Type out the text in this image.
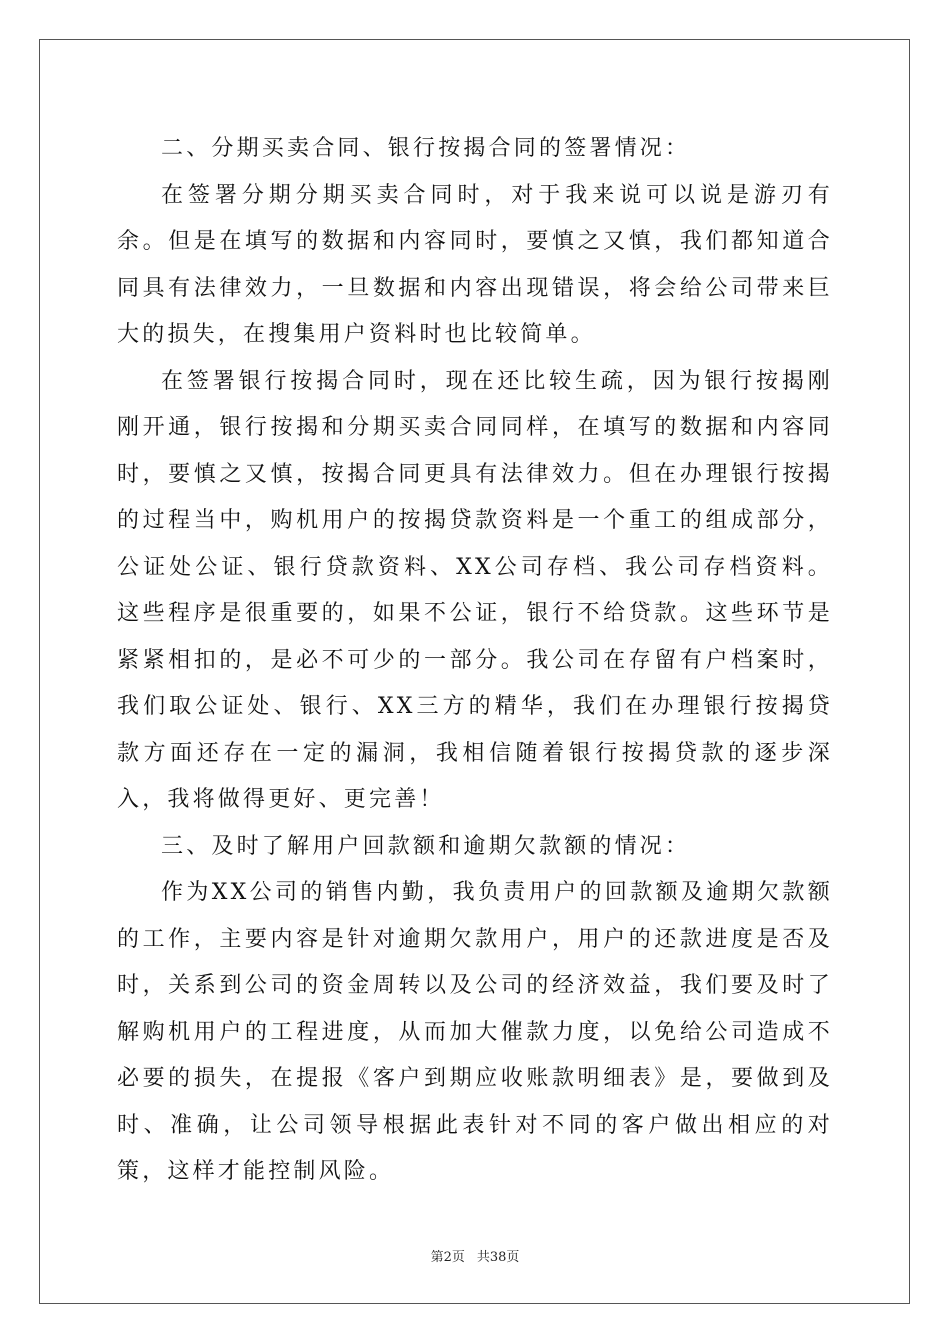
二、分期买卖合同、银行按揭合同的签署情况：

在签署分期分期买卖合同时，对于我来说可以说是游刃有余。但是在填写的数据和内容同时，要慎之又慎，我们都知道合同具有法律效力，一旦数据和内容出现错误，将会给公司带来巨大的损失，在搜集用户资料时也比较简单。

在签署银行按揭合同时，现在还比较生疏，因为银行按揭刚刚开通，银行按揭和分期买卖合同同样，在填写的数据和内容同时，要慎之又慎，按揭合同更具有法律效力。但在办理银行按揭的过程当中，购机用户的按揭贷款资料是一个重工的组成部分，公证处公证、银行贷款资料、XX公司存档、我公司存档资料。这些程序是很重要的，如果不公证，银行不给贷款。这些环节是紧紧相扣的，是必不可少的一部分。我公司在存留有户档案时，我们取公证处、银行、XX三方的精华，我们在办理银行按揭贷款方面还存在一定的漏洞，我相信随着银行按揭贷款的逐步深入，我将做得更好、更完善！

三、及时了解用户回款额和逾期欠款额的情况：

作为XX公司的销售内勤，我负责用户的回款额及逾期欠款额的工作，主要内容是针对逾期欠款用户，用户的还款进度是否及时，关系到公司的资金周转以及公司的经济效益，我们要及时了解购机用户的工程进度，从而加大催款力度，以免给公司造成不必要的损失，在提报《客户到期应收账款明细表》是，要做到及时、准确，让公司领导根据此表针对不同的客户做出相应的对策，这样才能控制风险。

第2页 共38页
